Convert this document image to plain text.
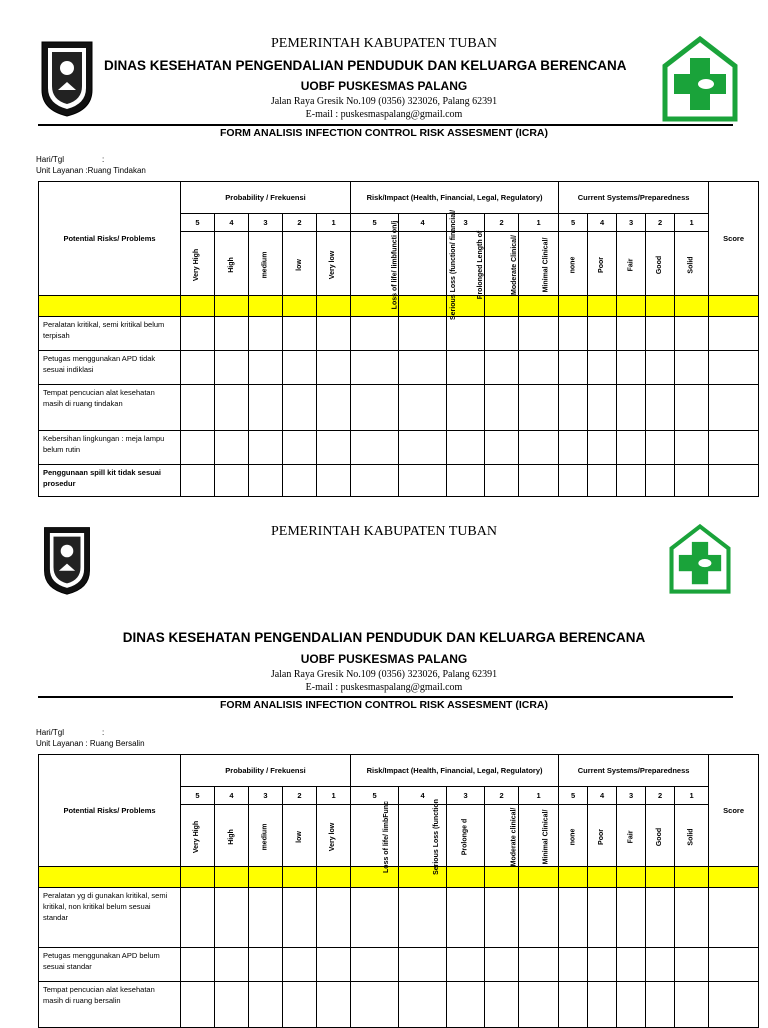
PEMERINTAH KABUPATEN TUBAN
DINAS KESEHATAN PENGENDALIAN PENDUDUK DAN KELUARGA BERENCANA
UOBF PUSKESMAS PALANG
Jalan Raya Gresik No.109 (0356) 323026, Palang 62391
E-mail : puskesmaspalang@gmail.com
FORM ANALISIS INFECTION CONTROL RISK ASSESMENT (ICRA)
Hari/Tgl	:
Unit Layanan :Ruang Tindakan
Potential Risks/ Problems	Probability / Frekuensi					Risk/Impact (Health, Financial, Legal, Regulatory)					Current Systems/Preparedness					Score
	5	4	3	2	1	5	4	3	2	1	5	4	3	2	1	
	Very High	High	medium	low	Very low	Loss of life/ limbfuncti on/j	Serious Loss (function/ financial/	Prolonged Length of	Moderate Clinical/	Minimal Clinical/	none	Poor	Fair	Good	Solid	

Peralatan kritikal, semi kritikal belum terpisah																
Petugas menggunakan APD tidak sesuai indiklasi																
Tempat pencucian alat kesehatan masih di ruang tindakan																
Kebersihan lingkungan : meja lampu belum rutin																
Penggunaan spill kit tidak sesuai prosedur																
PEMERINTAH KABUPATEN TUBAN
DINAS KESEHATAN PENGENDALIAN PENDUDUK DAN KELUARGA BERENCANA
UOBF PUSKESMAS PALANG
Jalan Raya Gresik No.109 (0356) 323026, Palang 62391
E-mail : puskesmaspalang@gmail.com
FORM ANALISIS INFECTION CONTROL RISK ASSESMENT (ICRA)
Hari/Tgl	:
Unit Layanan : Ruang Bersalin
Potential Risks/ Problems	Probability / Frekuensi					Risk/Impact (Health, Financial, Legal, Regulatory)					Current Systems/Preparedness					Score
	5	4	3	2	1	5	4	3	2	1	5	4	3	2	1	
	Very High	High	medium	low	Very low	Loss of life/ limbFunc	Serious Loss (function	Prolonge d	Moderate clinical/	Minimal Clinical/	none	Poor	Fair	Good	Solid	

Peralatan yg di gunakan kritikal, semi kritikal, non kritikal belum sesuai standar																
Petugas menggunakan APD belum sesuai standar																
Tempat pencucian alat kesehatan masih di ruang bersalin																
